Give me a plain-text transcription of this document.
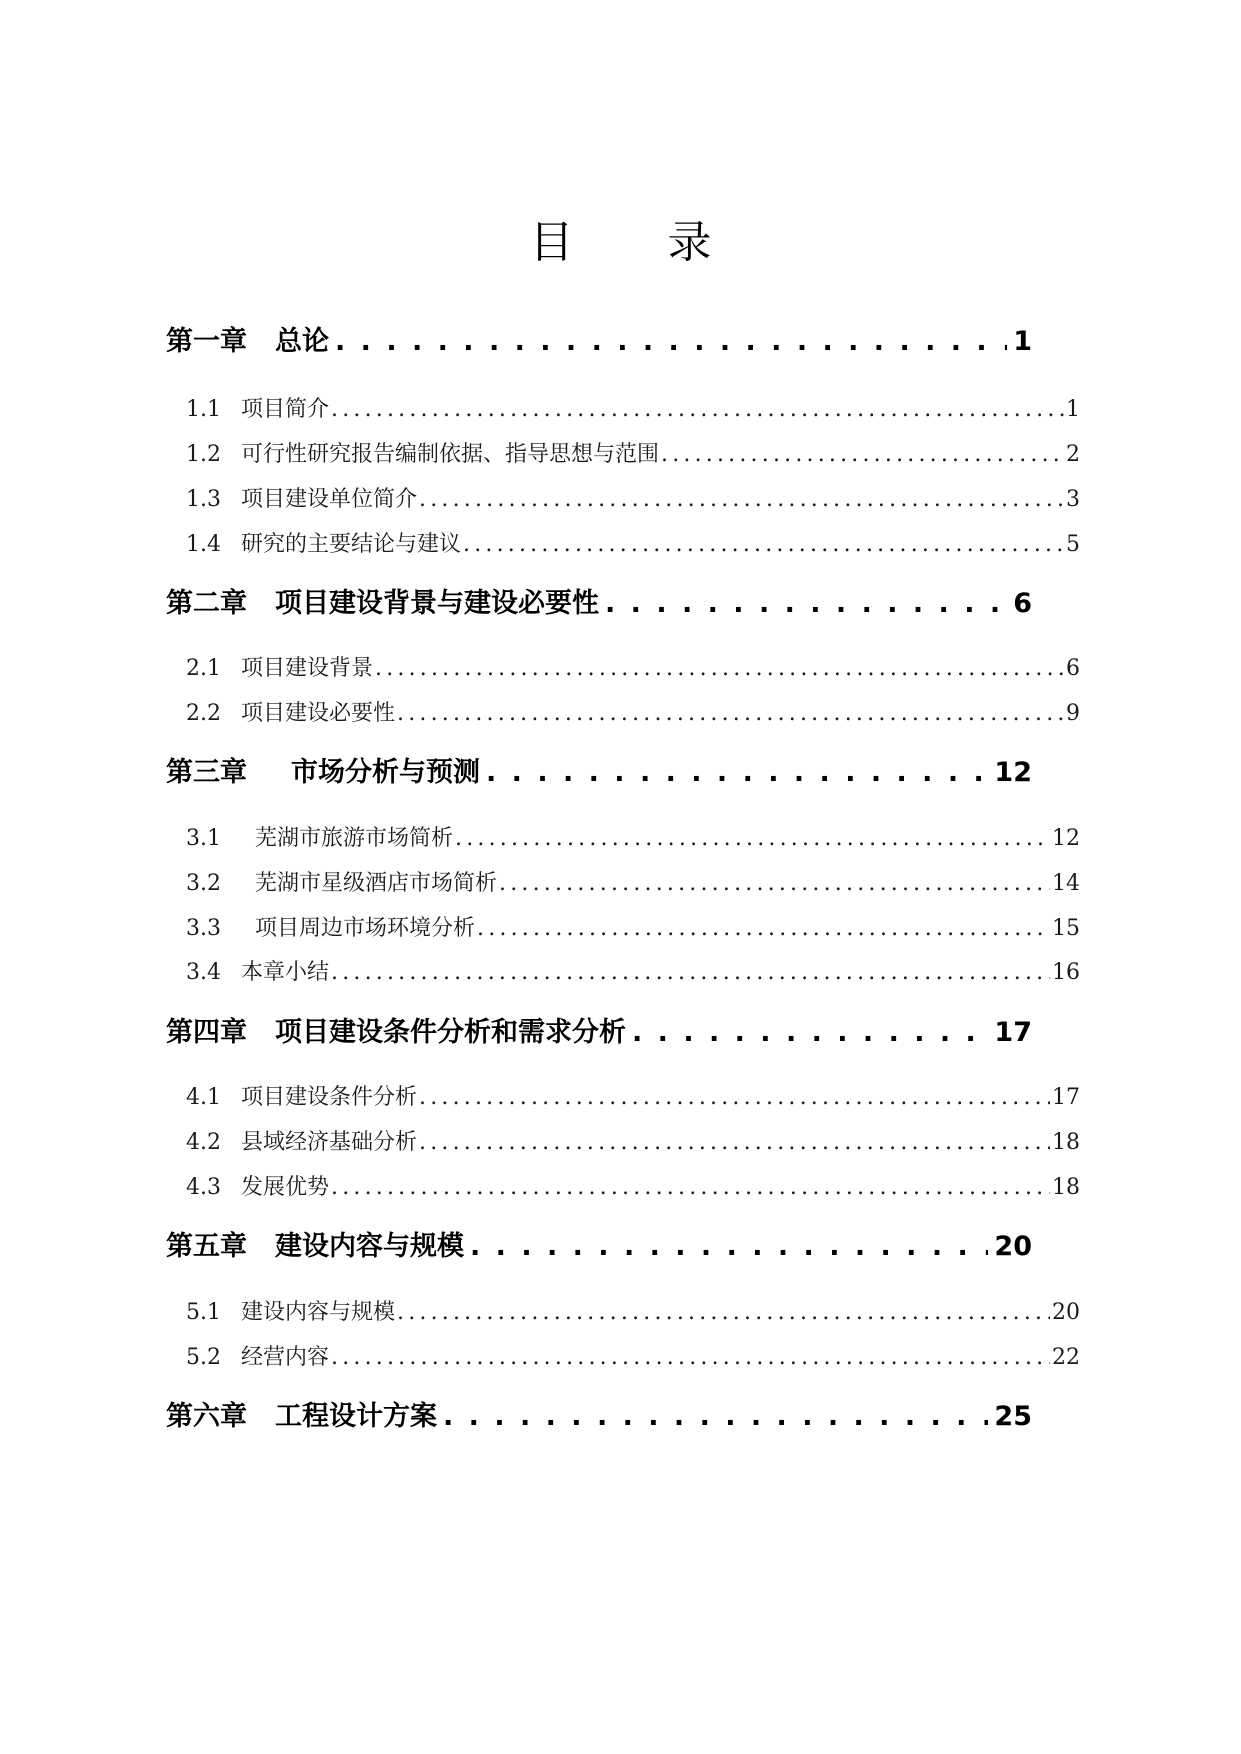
目 录
第一章 总论 . . .	1
1.1 项目简介 .....	1
1.2 可行性研究报告编制依据、指导思想与范围 .....	2
1.3 项目建设单位简介 .....	3
1.4 研究的主要结论与建议 .....	5
第二章 项目建设背景与建设必要性 . . .	6
2.1 项目建设背景 .....	6
2.2 项目建设必要性 .....	9
第三章 市场分析与预测 . . .	12
3.1 芜湖市旅游市场简析 .....	12
3.2 芜湖市星级酒店市场简析 .....	14
3.3 项目周边市场环境分析 .....	15
3.4 本章小结 .....	16
第四章 项目建设条件分析和需求分析 . . .	17
4.1 项目建设条件分析 .....	17
4.2 县域经济基础分析 .....	18
4.3 发展优势 .....	18
第五章 建设内容与规模 . . .	20
5.1 建设内容与规模 .....	20
5.2 经营内容 .....	22
第六章 工程设计方案 . . .	25
